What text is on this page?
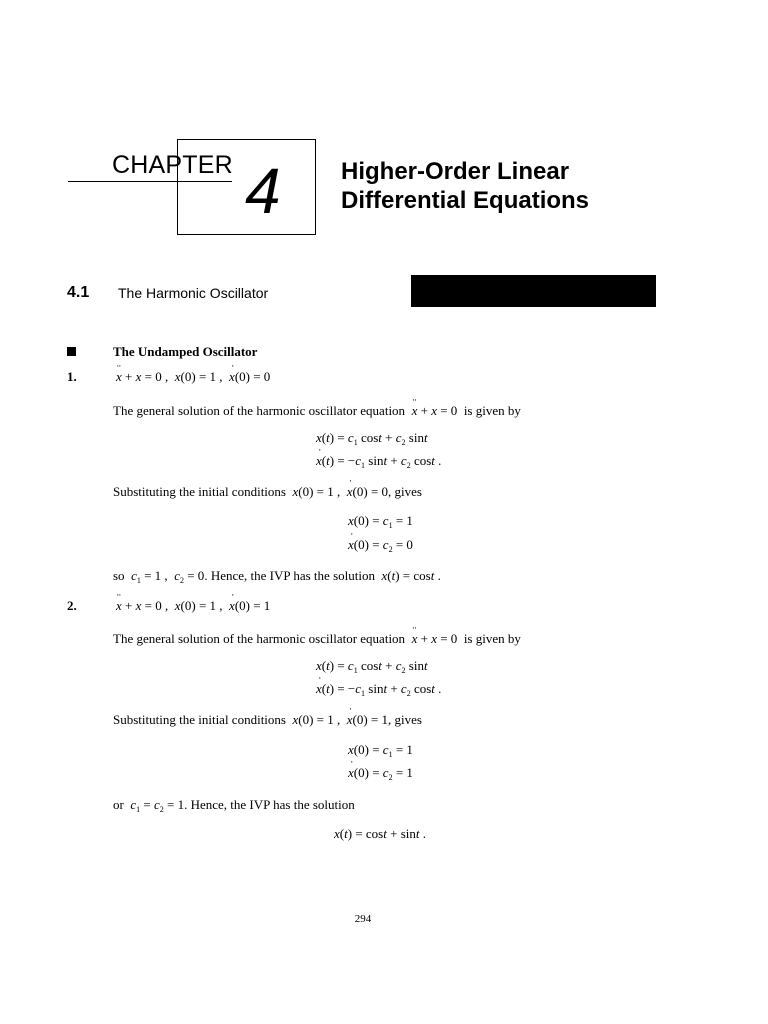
CHAPTER 4	Higher-Order Linear
Differential Equations
4.1 The Harmonic Oscillator
The Undamped Oscillator
1.	¨ x + x = 0 ,  x(0) = 1 ,  ˙ x(0) = 0
The general solution of the harmonic oscillator equation ¨ x + x = 0  is given by
$x(t) = c_1$ $\cos t + c_2$ sint
˙ $x(t) = -c_1$ $\sin t + c_2$ cost .
Substituting the initial conditions x(0) = 1 ,  ˙ x(0) = 0, gives
$x(0) = c_1 = 1$
˙ $x(0) = c_2 = 0$
so $c_1 = 1$ ,  $c_2 = 0$. Hence, the IVP has the solution x(t) = cost .
2.	¨ x + x = 0 ,  x(0) = 1 ,  ˙ x(0) = 1
The general solution of the harmonic oscillator equation ¨ x + x = 0  is given by
$x(t) = c_1$ $\cos t + c_2$ sint
˙ $x(t) = -c_1$ $\sin t + c_2$ cost .
Substituting the initial conditions x(0) = 1 ,  ˙ x(0) = 1, gives
$x(0) = c_1 = 1$
˙ $x(0) = c_2 = 1$
or $c_1 = c_2 = 1$. Hence, the IVP has the solution
x(t) = cost + sint .
294
